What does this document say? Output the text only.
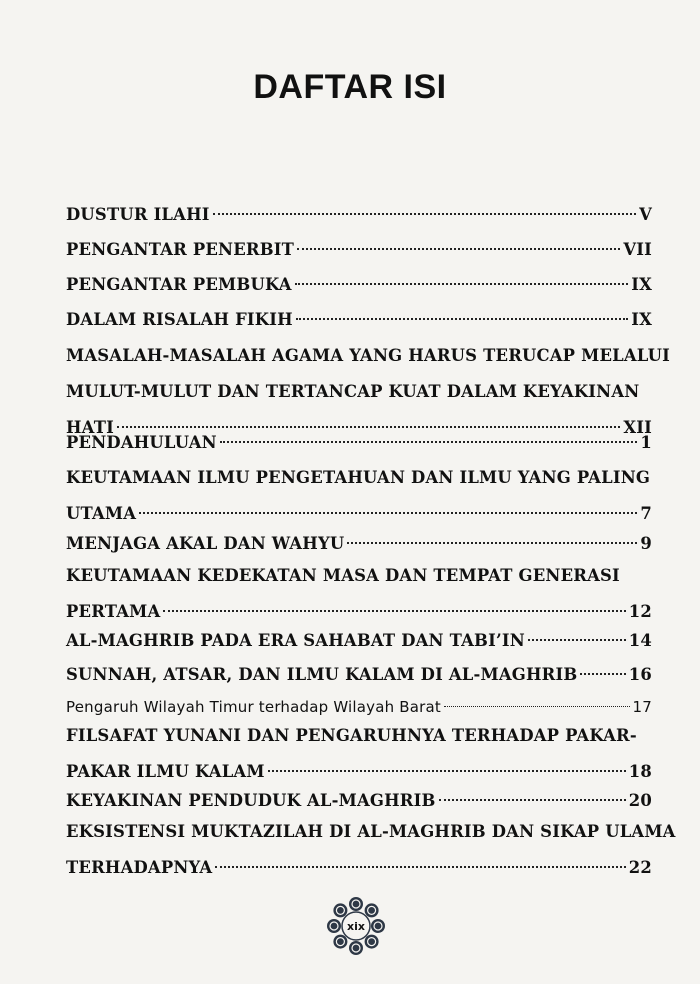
DAFTAR ISI
DUSTUR ILAHI	V
PENGANTAR PENERBIT	VII
PENGANTAR PEMBUKA	IX
DALAM RISALAH FIKIH	IX
MASALAH-MASALAH AGAMA YANG HARUS TERUCAP MELALUI
MULUT-MULUT DAN TERTANCAP KUAT DALAM KEYAKINAN
HATI	XII
PENDAHULUAN	1
KEUTAMAAN ILMU PENGETAHUAN DAN ILMU YANG PALING
UTAMA	7
MENJAGA AKAL DAN WAHYU	9
KEUTAMAAN KEDEKATAN MASA DAN TEMPAT GENERASI
PERTAMA	12
AL-MAGHRIB PADA ERA SAHABAT DAN TABI’IN	14
SUNNAH, ATSAR, DAN ILMU KALAM DI AL-MAGHRIB	16
Pengaruh Wilayah Timur terhadap Wilayah Barat	17
FILSAFAT YUNANI DAN PENGARUHNYA TERHADAP PAKAR-
PAKAR ILMU KALAM	18
KEYAKINAN PENDUDUK AL-MAGHRIB	20
EKSISTENSI MUKTAZILAH DI AL-MAGHRIB DAN SIKAP ULAMA
TERHADAPNYA	22
xix
